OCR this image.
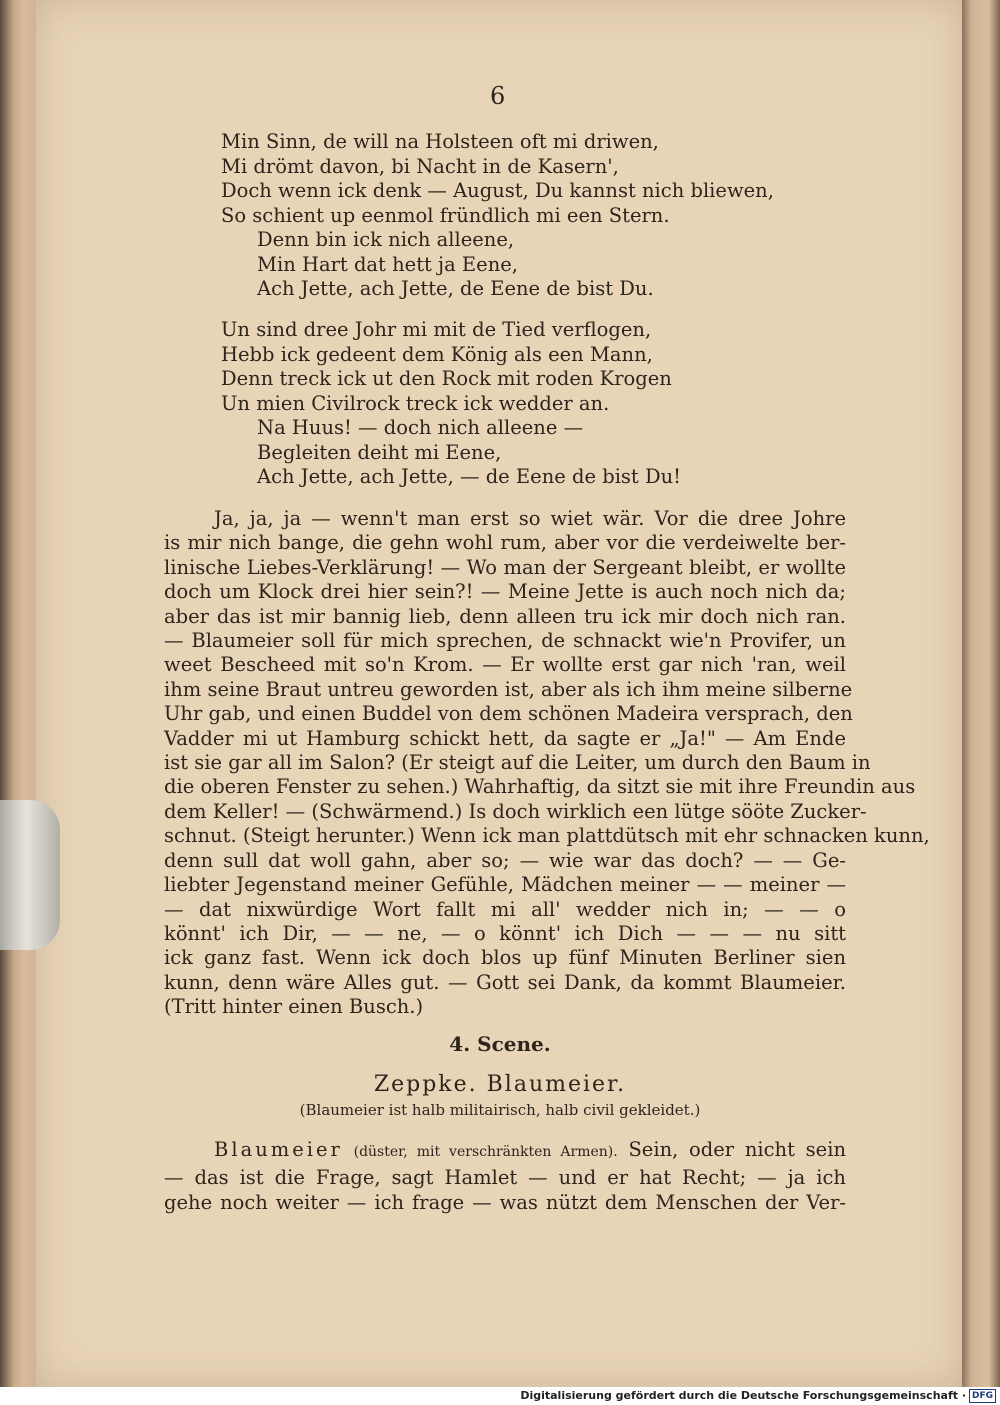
6
Min Sinn, de will na Holsteen oft mi driwen,
Mi drömt davon, bi Nacht in de Kasern',
Doch wenn ick denk — August, Du kannst nich bliewen,
So schient up eenmol fründlich mi een Stern.
Denn bin ick nich alleene,
Min Hart dat hett ja Eene,
Ach Jette, ach Jette, de Eene de bist Du.
Un sind dree Johr mi mit de Tied verflogen,
Hebb ick gedeent dem König als een Mann,
Denn treck ick ut den Rock mit roden Krogen
Un mien Civilrock treck ick wedder an.
Na Huus! — doch nich alleene —
Begleiten deiht mi Eene,
Ach Jette, ach Jette, — de Eene de bist Du!
Ja, ja, ja — wenn't man erst so wiet wär. Vor die dree Johre
is mir nich bange, die gehn wohl rum, aber vor die verdeiwelte ber-
linische Liebes-Verklärung! — Wo man der Sergeant bleibt, er wollte
doch um Klock drei hier sein?! — Meine Jette is auch noch nich da;
aber das ist mir bannig lieb, denn alleen tru ick mir doch nich ran.
— Blaumeier soll für mich sprechen, de schnackt wie'n Provifer, un
weet Bescheed mit so'n Krom. — Er wollte erst gar nich 'ran, weil
ihm seine Braut untreu geworden ist, aber als ich ihm meine silberne
Uhr gab, und einen Buddel von dem schönen Madeira versprach, den
Vadder mi ut Hamburg schickt hett, da sagte er „Ja!" — Am Ende
ist sie gar all im Salon? (Er steigt auf die Leiter, um durch den Baum in
die oberen Fenster zu sehen.) Wahrhaftig, da sitzt sie mit ihre Freundin aus
dem Keller! — (Schwärmend.) Is doch wirklich een lütge sööte Zucker-
schnut. (Steigt herunter.) Wenn ick man plattdütsch mit ehr schnacken kunn,
denn sull dat woll gahn, aber so; — wie war das doch? — — Ge-
liebter Jegenstand meiner Gefühle, Mädchen meiner — — meiner —
— dat nixwürdige Wort fallt mi all' wedder nich in; — — o
könnt' ich Dir, — — ne, — o könnt' ich Dich — — — nu sitt
ick ganz fast. Wenn ick doch blos up fünf Minuten Berliner sien
kunn, denn wäre Alles gut. — Gott sei Dank, da kommt Blaumeier.
(Tritt hinter einen Busch.)
4. Scene.
Zeppke. Blaumeier.
(Blaumeier ist halb militairisch, halb civil gekleidet.)
Blaumeier (düster, mit verschränkten Armen). Sein, oder nicht sein
— das ist die Frage, sagt Hamlet — und er hat Recht; — ja ich
gehe noch weiter — ich frage — was nützt dem Menschen der Ver-
Digitalisierung gefördert durch die Deutsche Forschungsgemeinschaft · DFG
